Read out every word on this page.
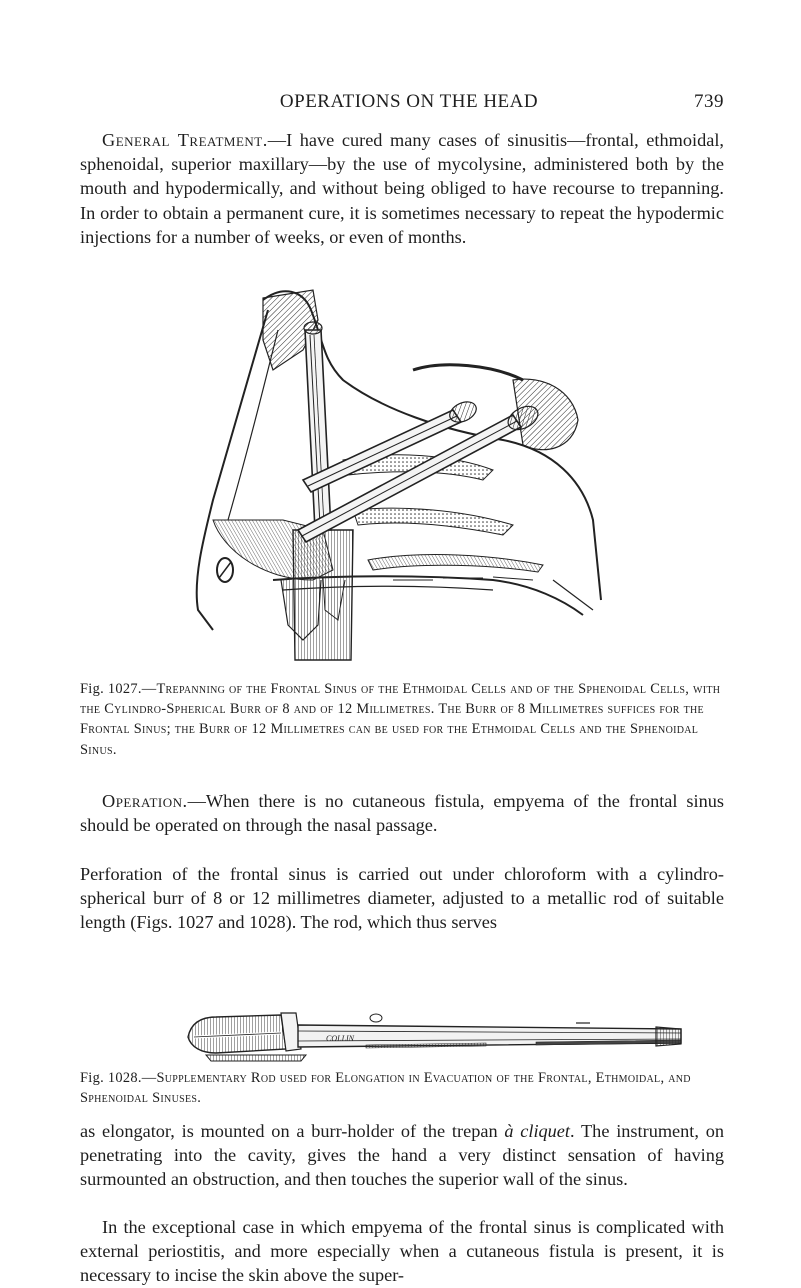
OPERATIONS ON THE HEAD	739

General Treatment.—I have cured many cases of sinusitis—frontal, ethmoidal, sphenoidal, superior maxillary—by the use of mycolysine, administered both by the mouth and hypodermically, and without being obliged to have recourse to trepanning. In order to obtain a permanent cure, it is sometimes necessary to repeat the hypodermic injections for a number of weeks, or even of months.

Fig. 1027.—Trepanning of the Frontal Sinus of the Ethmoidal Cells and of the Sphenoidal Cells, with the Cylindro-Spherical Burr of 8 and of 12 Millimetres. The Burr of 8 Millimetres suffices for the Frontal Sinus; the Burr of 12 Millimetres can be used for the Ethmoidal Cells and the Sphenoidal Sinus.

Operation.—When there is no cutaneous fistula, empyema of the frontal sinus should be operated on through the nasal passage.

Perforation of the frontal sinus is carried out under chloroform with a cylindro-spherical burr of 8 or 12 millimetres diameter, adjusted to a metallic rod of suitable length (Figs. 1027 and 1028). The rod, which thus serves

COLLIN

Fig. 1028.—Supplementary Rod used for Elongation in Evacuation of the Frontal, Ethmoidal, and Sphenoidal Sinuses.

as elongator, is mounted on a burr-holder of the trepan à cliquet. The instrument, on penetrating into the cavity, gives the hand a very distinct sensation of having surmounted an obstruction, and then touches the superior wall of the sinus.

In the exceptional case in which empyema of the frontal sinus is complicated with external periostitis, and more especially when a cutaneous fistula is present, it is necessary to incise the skin above the super-
